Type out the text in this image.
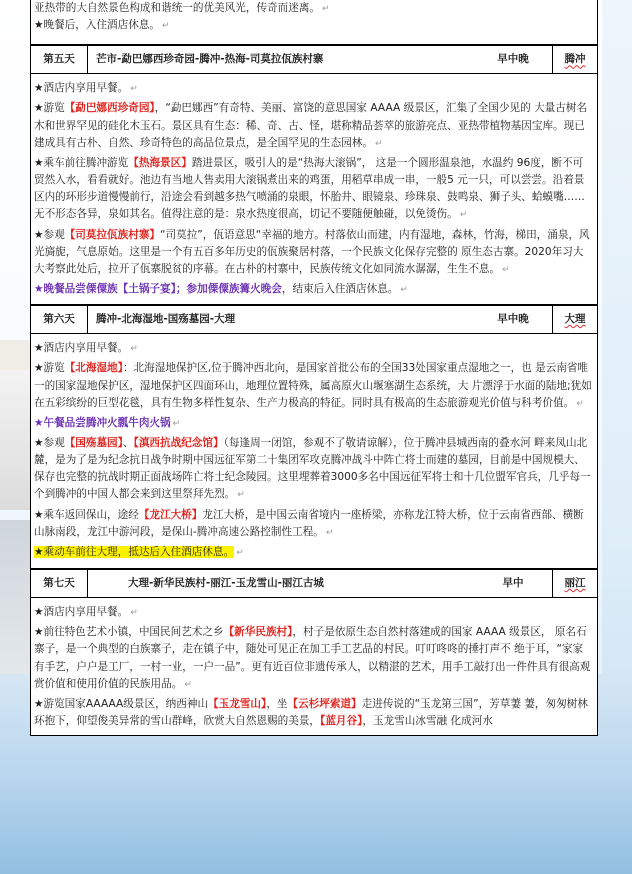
亚热带的大自然景色构成和谐统一的优美风光，传奇而迷离。 ↵

★晚餐后，入住酒店休息。 ↵

第五天	芒市-勐巴娜西珍奇园-腾冲-热海-司莫拉佤族村寨	早中晚	腾冲

★酒店内享用早餐。 ↵

★游览【勐巴娜西珍奇园】，“勐巴娜西”有奇特、美丽、富饶的意思国家 AAAA 级景区，汇集了全国少见的 大量古树名木和世界罕见的硅化木玉石。景区具有生态：稀、奇、古、怪，堪称精品荟萃的旅游亮点、亚热带植物基因宝库。现已建成具有古朴、自然、珍奇特色的高品位景点，是全国罕见的生态园林。 ↵

★乘车前往腾冲游览【热海景区】踏进景区，吸引人的是“热海大滚锅”， 这是一个圆形温泉池，水温约 96度，断不可贸然入水，看看就好。池边有当地人售卖用大滚锅煮出来的鸡蛋，用稻草串成一串，一般5 元一只，可以尝尝。沿着景区内的环形步道慢慢前行，沿途会看到越多热气喷涌的泉眼，怀胎井、眼镜泉、珍珠泉、鼓鸣泉、狮子头、蛤蟆嘴……无不形态各异，泉如其名。值得注意的是：泉水热度很高，切记不要随便触碰，以免烫伤。 ↵

★参观【司莫拉佤族村寨】“司莫拉”，佤语意思“幸福的地方。村落依山而建，内有湿地，森林，竹海，梯田，涌泉，风光旖旎，气息原始。这里是一个有五百多年历史的佤族聚居村落，一个民族文化保存完整的 原生态古寨。2020年习大大考察此处后，拉开了佤寨脱贫的序幕。在古朴的村寨中，民族传统文化如同流水潺潺，生生不息。 ↵

★晚餐品尝傈僳族【土锅子宴】；参加傈僳族篝火晚会，结束后入住酒店休息。 ↵

第六天	腾冲-北海湿地-国殇墓园-大理	早中晚	大理

★酒店内享用早餐。 ↵

★游览【北海湿地】：北海湿地保护区,位于腾冲西北向，是国家首批公布的全国33处国家重点湿地之一，也 是云南省唯一的国家湿地保护区，湿地保护区四面环山，地理位置特殊，属高原火山堰塞湖生态系统，大 片漂浮于水面的陆地;犹如在五彩缤纷的巨型花毯，具有生物多样性复杂、生产力极高的特征。同时具有极高的生态旅游观光价值与科考价值。 ↵

★午餐品尝腾冲火瓢牛肉火锅 ↵

★参观【国殇墓园】、【滇西抗战纪念馆】（每逢周一闭馆，参观不了敬请谅解），位于腾冲县城西南的叠水河 畔来凤山北麓，是为了是为纪念抗日战争时期中国远征军第二十集团军攻克腾冲战斗中阵亡将士而建的墓园，目前是中国规模大、保存也完整的抗战时期正面战场阵亡将士纪念陵园。这里埋葬着3000多名中国远征军将士和十几位盟军官兵，几乎每一个到腾冲的中国人都会来到这里祭拜先烈。 ↵

★乘车返回保山，途经【龙江大桥】龙江大桥，是中国云南省境内一座桥梁，亦称龙江特大桥，位于云南省西部、横断山脉南段，龙江中游河段，是保山-腾冲高速公路控制性工程。 ↵

★乘动车前往大理，抵达后入住酒店休息。 ↵

第七天	大理-新华民族村-丽江-玉龙雪山-丽江古城	早中	丽江

★酒店内享用早餐。 ↵

★前往特色艺术小镇，中国民间艺术之乡【新华民族村】，村子是依原生态自然村落建成的国家 AAAA 级景区， 原名石寨子，是一个典型的白族寨子，走在镇子中，随处可见正在加工手工艺品的村民。叮叮咚咚的捶打声不 绝于耳，“家家有手艺，户户是工厂，一村一业，一户一品”。更有近百位非遗传承人，以精湛的艺术，用手工敲打出一件件具有很高观赏价值和使用价值的民族用品。 ↵

★游览国家AAAAA级景区，纳西神山【玉龙雪山】，坐【云杉坪索道】走进传说的“玉龙第三国”，芳草萋 萋，匆匆树林环抱下，仰望俊美异常的雪山群峰，欣赏大自然恩赐的美景，【蓝月谷】，玉龙雪山冰雪融 化成河水
